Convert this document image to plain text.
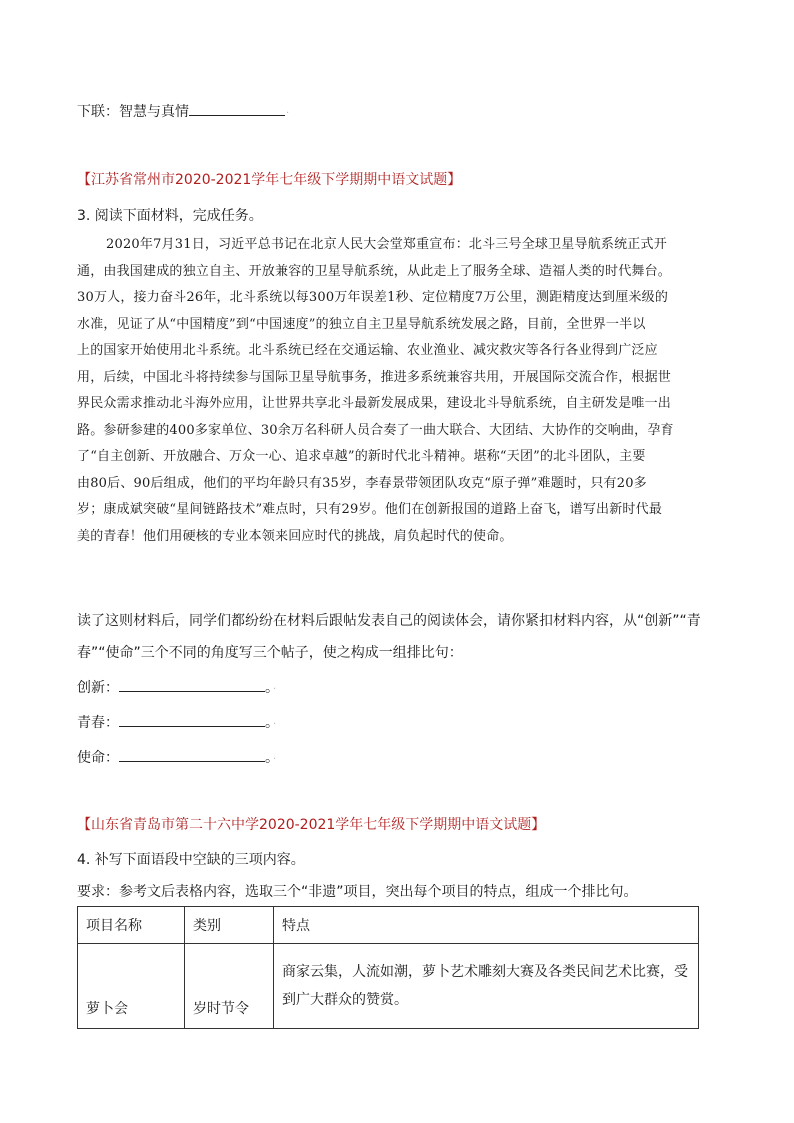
下联：智慧与真情	·
【江苏省常州市2020-2021学年七年级下学期期中语文试题】
3. 阅读下面材料，完成任务。
2020年7月31日，习近平总书记在北京人民大会堂郑重宣布：北斗三号全球卫星导航系统正式开
通，由我国建成的独立自主、开放兼容的卫星导航系统，从此走上了服务全球、造福人类的时代舞台。
30万人，接力奋斗26年，北斗系统以每300万年误差1秒、定位精度7万公里，测距精度达到厘米级的
水准，见证了从“中国精度”到“中国速度”的独立自主卫星导航系统发展之路，目前，全世界一半以
上的国家开始使用北斗系统。北斗系统已经在交通运输、农业渔业、减灾救灾等各行各业得到广泛应
用，后续，中国北斗将持续参与国际卫星导航事务，推进多系统兼容共用，开展国际交流合作，根据世
界民众需求推动北斗海外应用，让世界共享北斗最新发展成果，建设北斗导航系统，自主研发是唯一出
路。参研参建的400多家单位、30余万名科研人员合奏了一曲大联合、大团结、大协作的交响曲，孕育
了“自主创新、开放融合、万众一心、追求卓越”的新时代北斗精神。堪称“天团”的北斗团队，主要
由80后、90后组成，他们的平均年龄只有35岁，李春景带领团队攻克“原子弹”难题时，只有20多
岁；康成斌突破“星间链路技术”难点时，只有29岁。他们在创新报国的道路上奋飞，谱写出新时代最
美的青春！他们用硬核的专业本领来回应时代的挑战，肩负起时代的使命。
读了这则材料后，同学们都纷纷在材料后跟帖发表自己的阅读体会，请你紧扣材料内容，从“创新”“青
春”“使命”三个不同的角度写三个帖子，使之构成一组排比句：
创新：	。·
青春：	。·
使命：	。·
【山东省青岛市第二十六中学2020-2021学年七年级下学期期中语文试题】
4. 补写下面语段中空缺的三项内容。
要求：参考文后表格内容，选取三个“非遗”项目，突出每个项目的特点，组成一个排比句。
项目名称	类别	特点
萝卜会	岁时节令	商家云集，人流如潮，萝卜艺术雕刻大赛及各类民间艺术比赛，受
到广大群众的赞赏。
